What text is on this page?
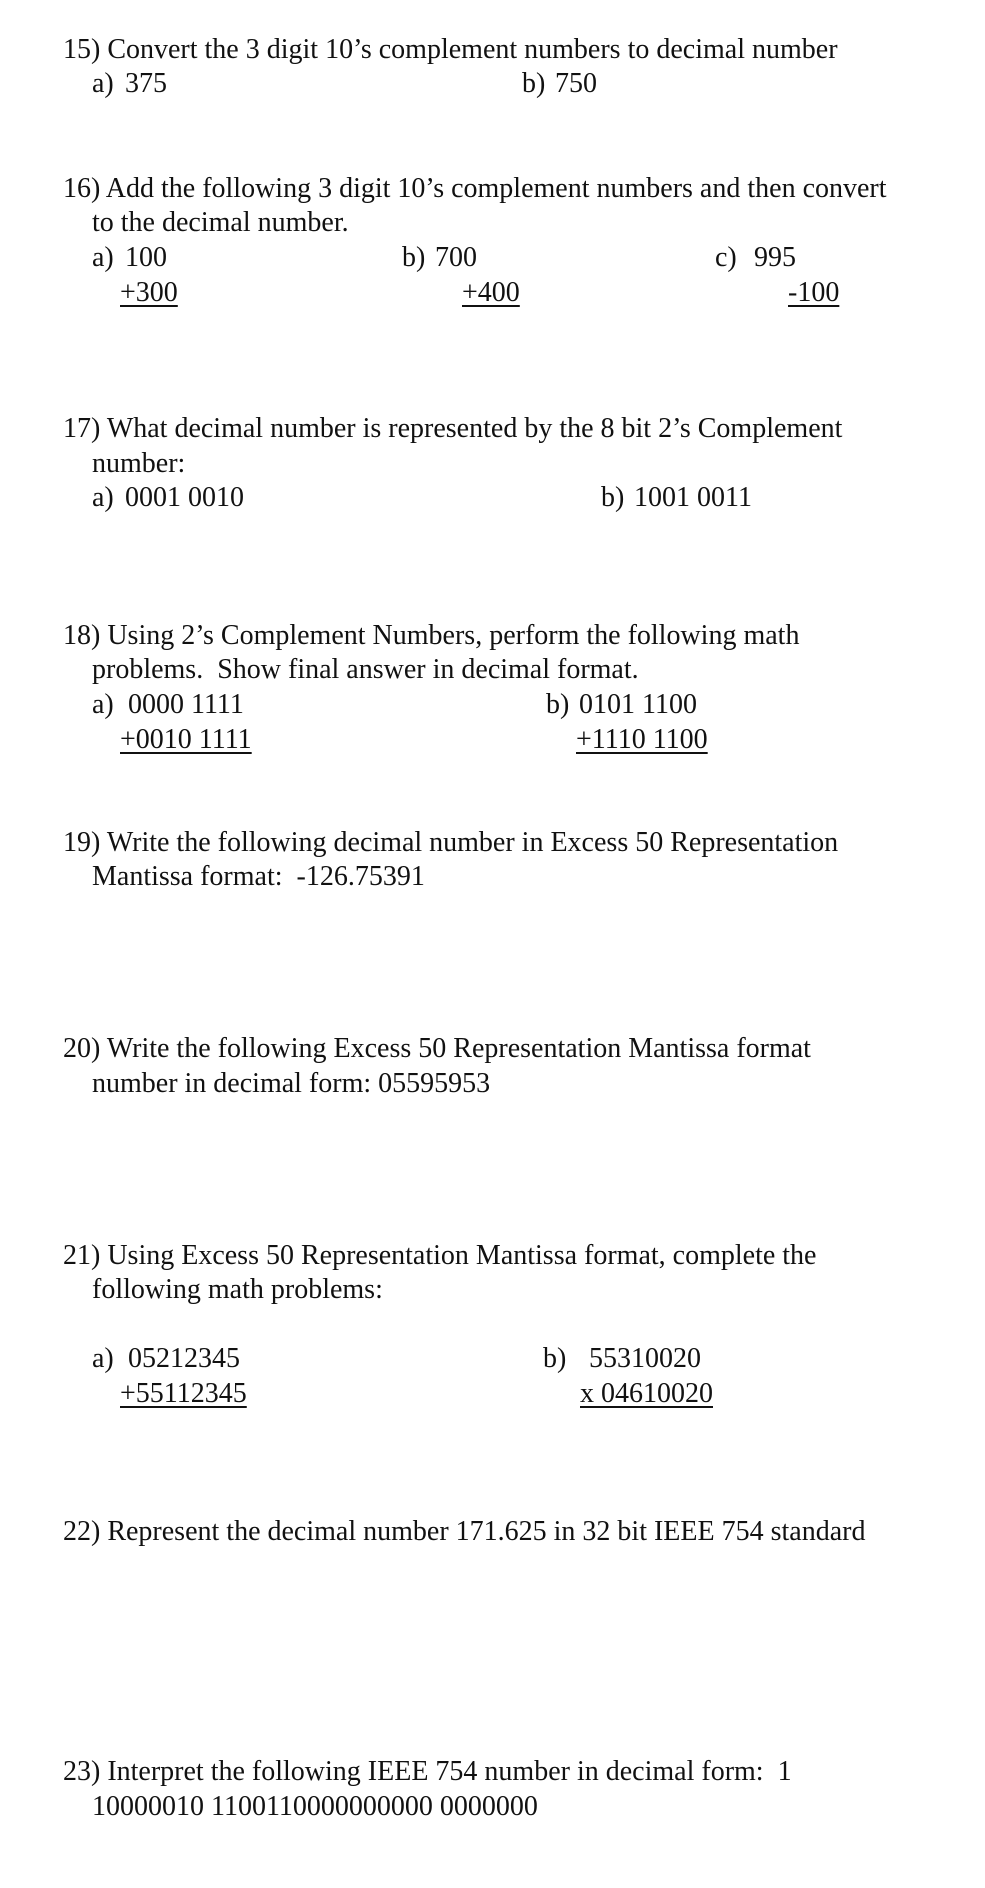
15) Convert the 3 digit 10’s complement numbers to decimal number
a) 375	b) 750
16) Add the following 3 digit 10’s complement numbers and then convert
to the decimal number.
a) 100
+300
b) 700
+400
c) 995
-100
17) What decimal number is represented by the 8 bit 2’s Complement
number:
a) 0001 0010	b) 1001 0011
18) Using 2’s Complement Numbers, perform the following math
problems.  Show final answer in decimal format.
a) 0000 1111
+0010 1111
b) 0101 1100
+1110 1100
19) Write the following decimal number in Excess 50 Representation
Mantissa format:  -126.75391
20) Write the following Excess 50 Representation Mantissa format
number in decimal form: 05595953
21) Using Excess 50 Representation Mantissa format, complete the
following math problems:
a) 05212345
+55112345
b) 55310020
x 04610020
22) Represent the decimal number 171.625 in 32 bit IEEE 754 standard
23) Interpret the following IEEE 754 number in decimal form:  1
10000010 1100110000000000 0000000
